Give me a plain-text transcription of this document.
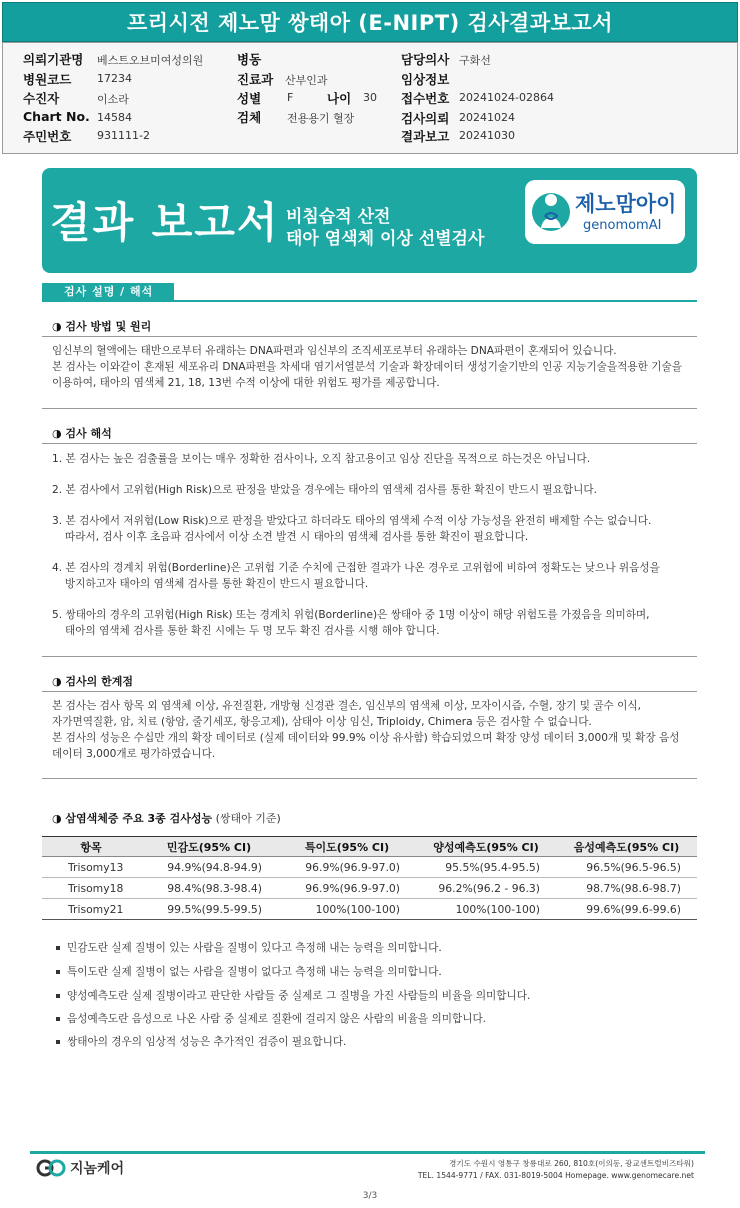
프리시전 제노맘 쌍태아 (E-NIPT) 검사결과보고서
의뢰기관명 베스트오브미여성의원
병원코드 17234
수진자	이소라
Chart No. 14584
주민번호 931111-2
병동
진료과 산부인과
성별 F	나이 30
검체 전용용기 혈장
담당의사 구화선
임상정보
접수번호 20241024-02864
검사의뢰 20241024
결과보고 20241030
결과 보고서 비침습적 산전
태아 염색체 이상 선별검사
제노맘아이
genomomAI
검사 설명 / 해석
◑ 검사 방법 및 원리
임신부의 혈액에는 태반으로부터 유래하는 DNA파편과 임신부의 조직세포로부터 유래하는 DNA파편이 혼재되어 있습니다.
본 검사는 이와같이 혼재된 세포유리 DNA파편을 차세대 염기서열분석 기술과 확장데이터 생성기술기반의 인공 지능기술을적용한 기술을
이용하여, 태아의 염색체 21, 18, 13번 수적 이상에 대한 위험도 평가를 제공합니다.
◑ 검사 해석
1. 본 검사는 높은 검출률을 보이는 매우 정확한 검사이나, 오직 참고용이고 임상 진단을 목적으로 하는것은 아닙니다.
2. 본 검사에서 고위험(High Risk)으로 판정을 받았을 경우에는 태아의 염색체 검사를 통한 확진이 반드시 필요합니다.
3. 본 검사에서 저위험(Low Risk)으로 판정을 받았다고 하더라도 태아의 염색체 수적 이상 가능성을 완전히 배제할 수는 없습니다.
따라서, 검사 이후 초음파 검사에서 이상 소견 발견 시 태아의 염색체 검사를 통한 확진이 필요합니다.
4. 본 검사의 경계치 위험(Borderline)은 고위험 기준 수치에 근접한 결과가 나온 경우로 고위험에 비하여 정확도는 낮으나 위음성을
방지하고자 태아의 염색체 검사를 통한 확진이 반드시 필요합니다.
5. 쌍태아의 경우의 고위험(High Risk) 또는 경계치 위험(Borderline)은 쌍태아 중 1명 이상이 해당 위험도를 가졌음을 의미하며,
태아의 염색체 검사를 통한 확진 시에는 두 명 모두 확진 검사를 시행 해야 합니다.
◑ 검사의 한계점
본 검사는 검사 항목 외 염색체 이상, 유전질환, 개방형 신경관 결손, 임신부의 염색체 이상, 모자이시즘, 수혈, 장기 및 골수 이식,
자가면역질환, 암, 치료 (항암, 줄기세포, 항응고제), 삼태아 이상 임신, Triploidy, Chimera 등은 검사할 수 없습니다.
본 검사의 성능은 수십만 개의 확장 데이터로 (실제 데이터와 99.9% 이상 유사함) 학습되었으며 확장 양성 데이터 3,000개 및 확장 음성
데이터 3,000개로 평가하였습니다.
◑ 삼염색체증 주요 3종 검사성능 (쌍태아 기준)
항목	민감도(95% CI)	특이도(95% CI)	양성예측도(95% CI)	음성예측도(95% CI)
Trisomy13	94.9%(94.8-94.9)	96.9%(96.9-97.0)	95.5%(95.4-95.5)	96.5%(96.5-96.5)
Trisomy18	98.4%(98.3-98.4)	96.9%(96.9-97.0)	96.2%(96.2 - 96.3)	98.7%(98.6-98.7)
Trisomy21	99.5%(99.5-99.5)	100%(100-100)	100%(100-100)	99.6%(99.6-99.6)
민감도란 실제 질병이 있는 사람을 질병이 있다고 측정해 내는 능력을 의미합니다.
특이도란 실제 질병이 없는 사람을 질병이 없다고 측정해 내는 능력을 의미합니다.
양성예측도란 실제 질병이라고 판단한 사람들 중 실제로 그 질병을 가진 사람들의 비율을 의미합니다.
음성예측도란 음성으로 나온 사람 중 실제로 질환에 걸리지 않은 사람의 비율을 의미합니다.
쌍태아의 경우의 임상적 성능은 추가적인 검증이 필요합니다.
지놈케어	경기도 수원시 영통구 창룡대로 260, 810호(이의동, 광교센트럴비즈타워)
TEL. 1544-9771 / FAX. 031-8019-5004 Homepage. www.genomecare.net
3/3
